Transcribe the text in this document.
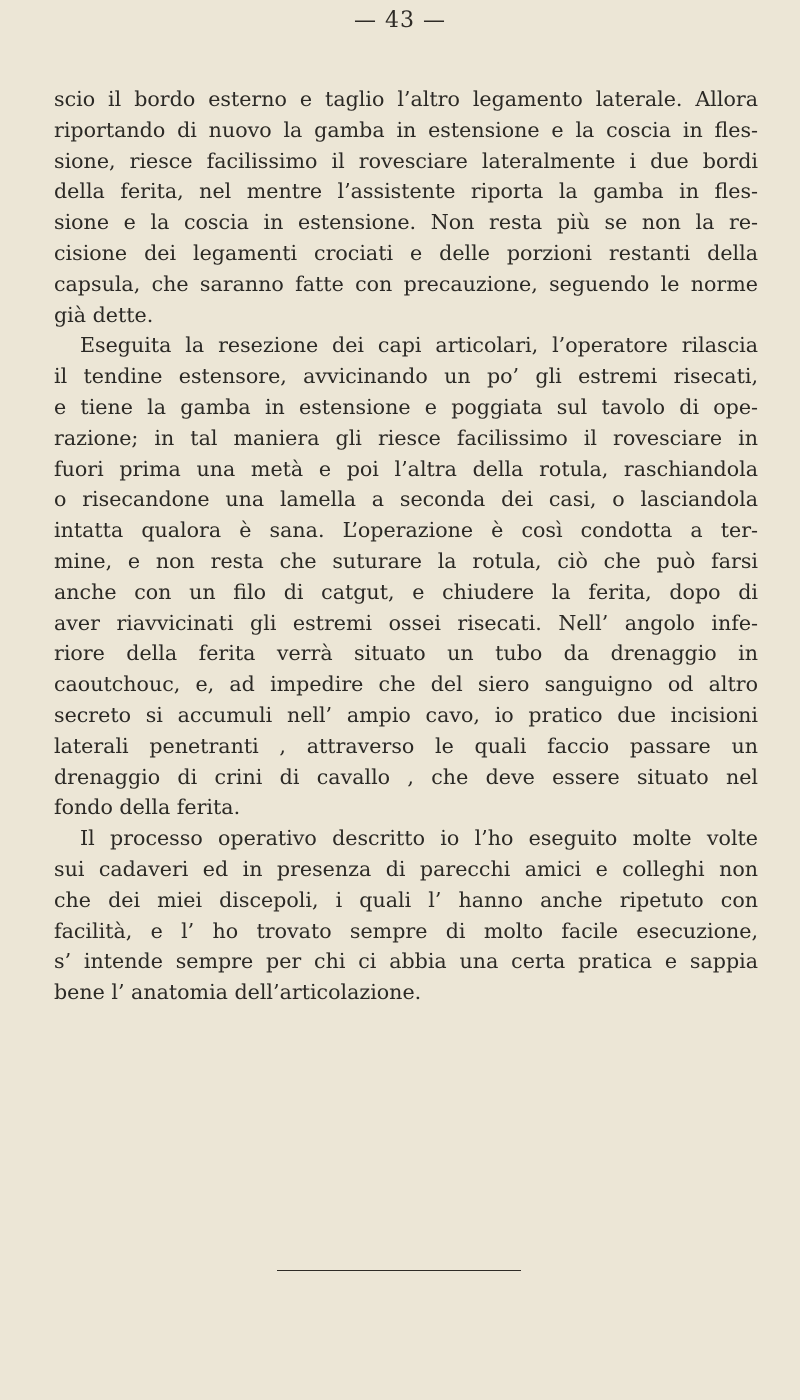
— 43 —
scio il bordo esterno e taglio l’altro legamento laterale. Allora
riportando di nuovo la gamba in estensione e la coscia in fles-
sione, riesce facilissimo il rovesciare lateralmente i due bordi
della ferita, nel mentre l’assistente riporta la gamba in fles-
sione e la coscia in estensione. Non resta più se non la re-
cisione dei legamenti crociati e delle porzioni restanti della
capsula, che saranno fatte con precauzione, seguendo le norme
già dette.
Eseguita la resezione dei capi articolari, l’operatore rilascia
il tendine estensore, avvicinando un po’ gli estremi risecati,
e tiene la gamba in estensione e poggiata sul tavolo di ope-
razione; in tal maniera gli riesce facilissimo il rovesciare in
fuori prima una metà e poi l’altra della rotula, raschiandola
o risecandone una lamella a seconda dei casi, o lasciandola
intatta qualora è sana. L’operazione è così condotta a ter-
mine, e non resta che suturare la rotula, ciò che può farsi
anche con un filo di catgut, e chiudere la ferita, dopo di
aver riavvicinati gli estremi ossei risecati. Nell’ angolo infe-
riore della ferita verrà situato un tubo da drenaggio in
caoutchouc, e, ad impedire che del siero sanguigno od altro
secreto si accumuli nell’ ampio cavo, io pratico due incisioni
laterali penetranti , attraverso le quali faccio passare un
drenaggio di crini di cavallo , che deve essere situato nel
fondo della ferita.
Il processo operativo descritto io l’ho eseguito molte volte
sui cadaveri ed in presenza di parecchi amici e colleghi non
che dei miei discepoli, i quali l’ hanno anche ripetuto con
facilità, e l’ ho trovato sempre di molto facile esecuzione,
s’ intende sempre per chi ci abbia una certa pratica e sappia
bene l’ anatomia dell’articolazione.
